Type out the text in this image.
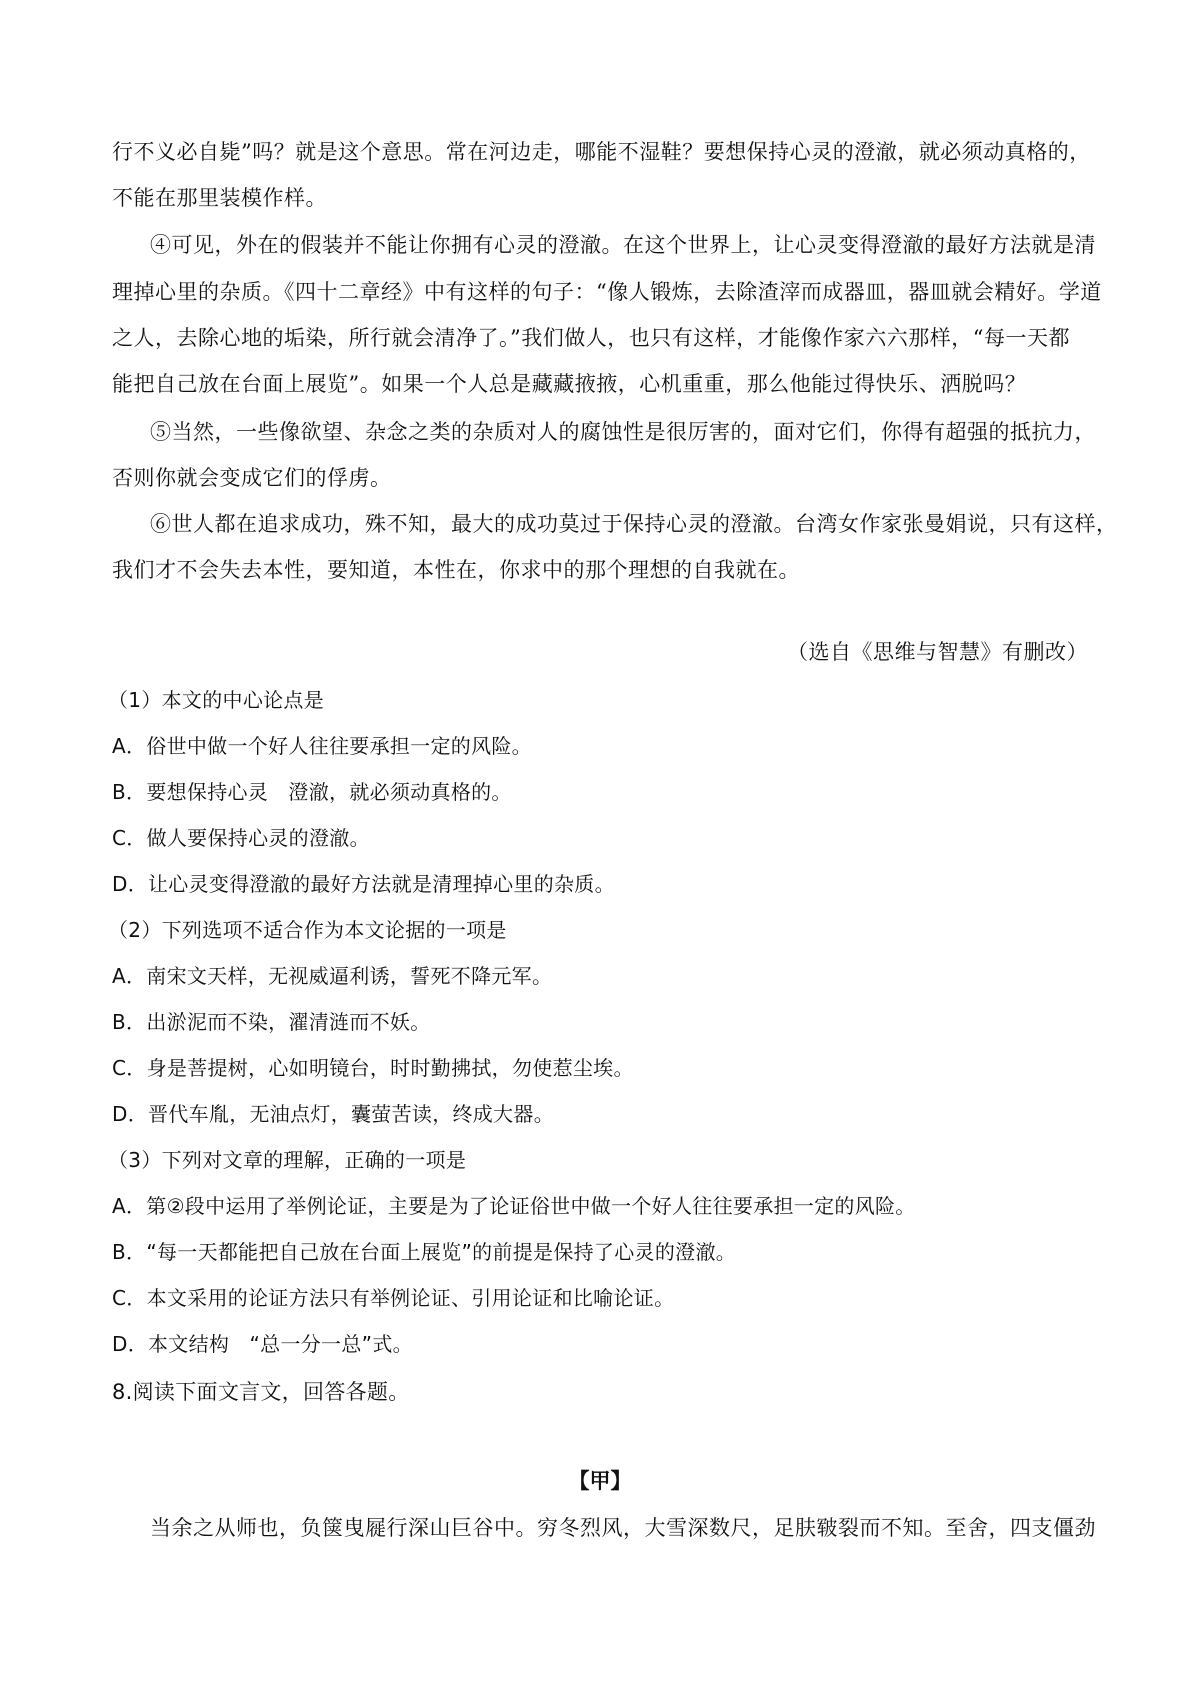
行不义必自毙”吗？就是这个意思。常在河边走，哪能不湿鞋？要想保持心灵的澄澈，就必须动真格的，
不能在那里装模作样。
④可见，外在的假装并不能让你拥有心灵的澄澈。在这个世界上，让心灵变得澄澈的最好方法就是清
理掉心里的杂质。《四十二章经》中有这样的句子：“像人锻炼，去除渣滓而成器皿，器皿就会精好。学道
之人，去除心地的垢染，所行就会清净了。”我们做人，也只有这样，才能像作家六六那样，“每一天都
能把自己放在台面上展览”。如果一个人总是藏藏掖掖，心机重重，那么他能过得快乐、洒脱吗？
⑤当然，一些像欲望、杂念之类的杂质对人的腐蚀性是很厉害的，面对它们，你得有超强的抵抗力，
否则你就会变成它们的俘虏。
⑥世人都在追求成功，殊不知，最大的成功莫过于保持心灵的澄澈。台湾女作家张曼娟说，只有这样，
我们才不会失去本性，要知道，本性在，你求中的那个理想的自我就在。
（选自《思维与智慧》有删改）
（1）本文的中心论点是
A．俗世中做一个好人往往要承担一定的风险。
B．要想保持心灵　澄澈，就必须动真格的。
C．做人要保持心灵的澄澈。
D．让心灵变得澄澈的最好方法就是清理掉心里的杂质。
（2）下列选项不适合作为本文论据的一项是
A．南宋文天样，无视威逼利诱，誓死不降元军。
B．出淤泥而不染，濯清涟而不妖。
C．身是菩提树，心如明镜台，时时勤拂拭，勿使惹尘埃。
D．晋代车胤，无油点灯，囊萤苦读，终成大器。
（3）下列对文章的理解，正确的一项是
A．第②段中运用了举例论证，主要是为了论证俗世中做一个好人往往要承担一定的风险。
B．“每一天都能把自己放在台面上展览”的前提是保持了心灵的澄澈。
C．本文采用的论证方法只有举例论证、引用论证和比喻论证。
D．本文结构　“总一分一总”式。
8.阅读下面文言文，回答各题。
【甲】
当余之从师也，负箧曳屣行深山巨谷中。穷冬烈风，大雪深数尺，足肤皲裂而不知。至舍，四支僵劲
